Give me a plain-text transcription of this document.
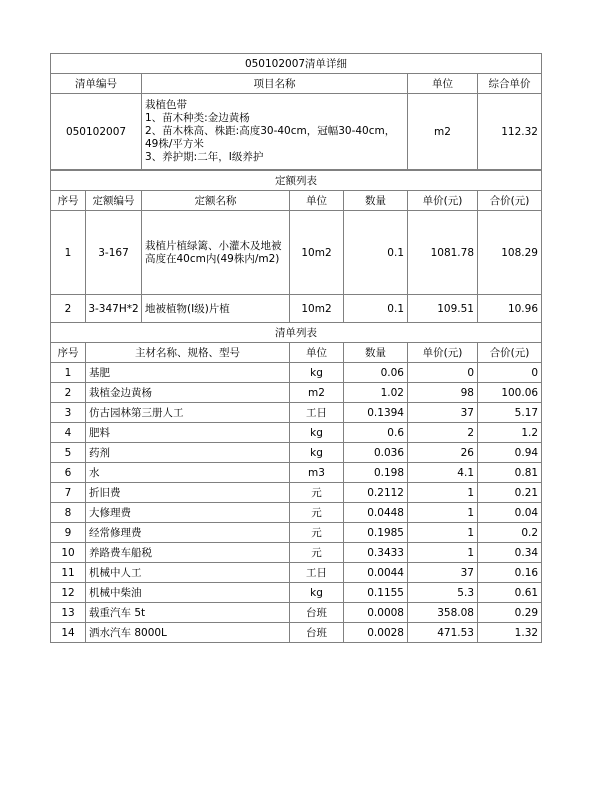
050102007清单详细			
清单编号	项目名称	单位	综合单价
050102007	栽植色带
1、苗木种类:金边黄杨
2、苗木株高、株距:高度30-40cm，冠幅30-40cm，49株/平方米
3、养护期:二年，Ⅰ级养护	m2	112.32
定额列表						
序号	定额编号	定额名称	单位	数量	单价(元)	合价(元)
1	3-167	栽植片植绿篱、小灌木及地被高度在40cm内(49株内/m2)	10m2	0.1	1081.78	108.29
2	3-347H*2	地被植物(Ⅰ级)片植	10m2	0.1	109.51	10.96
清单列表					
序号	主材名称、规格、型号	单位	数量	单价(元)	合价(元)
1	基肥	kg	0.06	0	0
2	栽植金边黄杨	m2	1.02	98	100.06
3	仿古园林第三册人工	工日	0.1394	37	5.17
4	肥料	kg	0.6	2	1.2
5	药剂	kg	0.036	26	0.94
6	水	m3	0.198	4.1	0.81
7	折旧费	元	0.2112	1	0.21
8	大修理费	元	0.0448	1	0.04
9	经常修理费	元	0.1985	1	0.2
10	养路费车船税	元	0.3433	1	0.34
11	机械中人工	工日	0.0044	37	0.16
12	机械中柴油	kg	0.1155	5.3	0.61
13	载重汽车 5t	台班	0.0008	358.08	0.29
14	洒水汽车 8000L	台班	0.0028	471.53	1.32
